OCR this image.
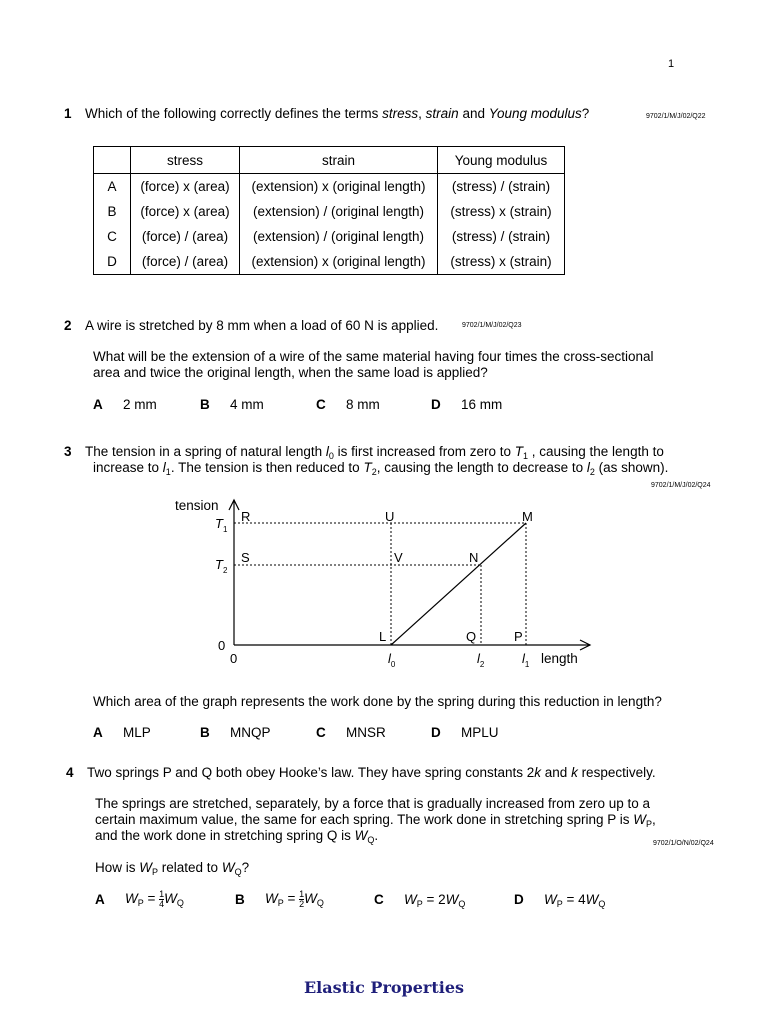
1
1 Which of the following correctly defines the terms stress, strain and Young modulus?	9702/1/M/J/02/Q22
	stress	strain	Young modulus
A	(force) x (area)	(extension) x (original length)	(stress) / (strain)
B	(force) x (area)	(extension) / (original length)	(stress) x (strain)
C	(force) / (area)	(extension) / (original length)	(stress) / (strain)
D	(force) / (area)	(extension) x (original length)	(stress) x (strain)
2 A wire is stretched by 8 mm when a load of 60 N is applied.	9702/1/M/J/02/Q23
What will be the extension of a wire of the same material having four times the cross-sectional
area and twice the original length, when the same load is applied?
A 2 mm	B 4 mm	C 8 mm	D 16 mm
3 The tension in a spring of natural length $l_0$ is first increased from zero to $T_1$ , causing the length to
increase to $l_1$. The tension is then reduced to $T_2$, causing the length to decrease to $l_2$ (as shown).
9702/1/M/J/02/Q24
tension
length
0
0
$T_1$
$T_2$
$l_0$	$l_2$	$l_1$
R	U	M
S	V	N
L	Q	P
Which area of the graph represents the work done by the spring during this reduction in length?
A MLP	B MNQP	C MNSR	D MPLU
4 Two springs P and Q both obey Hooke’s law. They have spring constants 2k and k respectively.
The springs are stretched, separately, by a force that is gradually increased from zero up to a
certain maximum value, the same for each spring. The work done in stretching spring P is $W_P$,
and the work done in stretching spring Q is $W_Q$.
9702/1/O/N/02/Q24
How is $W_P$ related to $W_Q$?
A $W_P = \frac{1}{4} W_Q$	B $W_P = \frac{1}{2} W_Q$	C $W_P = 2W_Q$	D $W_P = 4W_Q$
Elastic Properties
